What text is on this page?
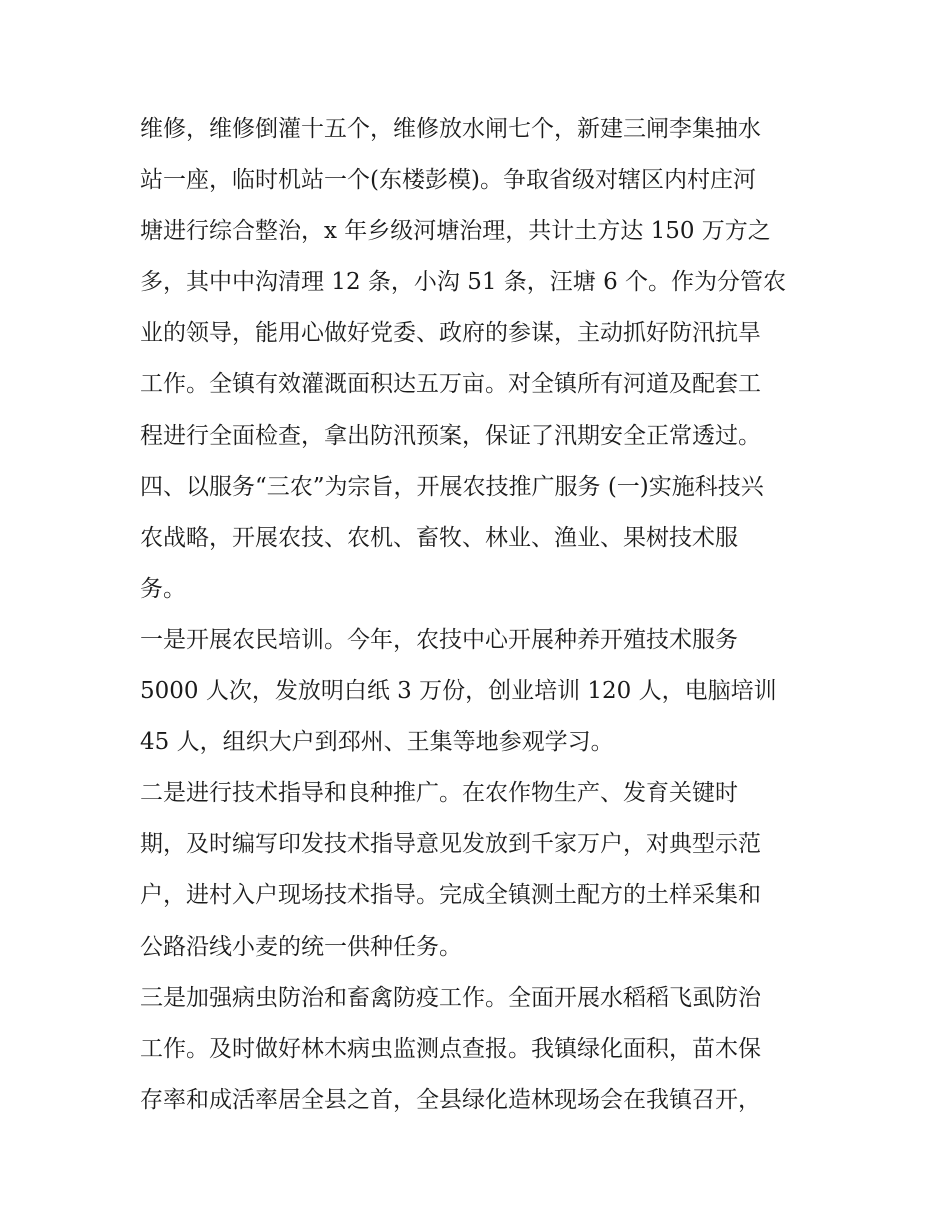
维修，维修倒灌十五个，维修放水闸七个，新建三闸李集抽水
站一座，临时机站一个(东楼彭模)。争取省级对辖区内村庄河
塘进行综合整治，x 年乡级河塘治理，共计土方达 150 万方之
多，其中中沟清理 12 条，小沟 51 条，汪塘 6 个。作为分管农
业的领导，能用心做好党委、政府的参谋，主动抓好防汛抗旱
工作。全镇有效灌溉面积达五万亩。对全镇所有河道及配套工
程进行全面检查，拿出防汛预案，保证了汛期安全正常透过。
四、以服务“三农”为宗旨，开展农技推广服务 (一)实施科技兴
农战略，开展农技、农机、畜牧、林业、渔业、果树技术服
务。
一是开展农民培训。今年，农技中心开展种养开殖技术服务
5000 人次，发放明白纸 3 万份，创业培训 120 人，电脑培训
45 人，组织大户到邳州、王集等地参观学习。
二是进行技术指导和良种推广。在农作物生产、发育关键时
期，及时编写印发技术指导意见发放到千家万户，对典型示范
户，进村入户现场技术指导。完成全镇测土配方的土样采集和
公路沿线小麦的统一供种任务。
三是加强病虫防治和畜禽防疫工作。全面开展水稻稻飞虱防治
工作。及时做好林木病虫监测点查报。我镇绿化面积，苗木保
存率和成活率居全县之首，全县绿化造林现场会在我镇召开，
